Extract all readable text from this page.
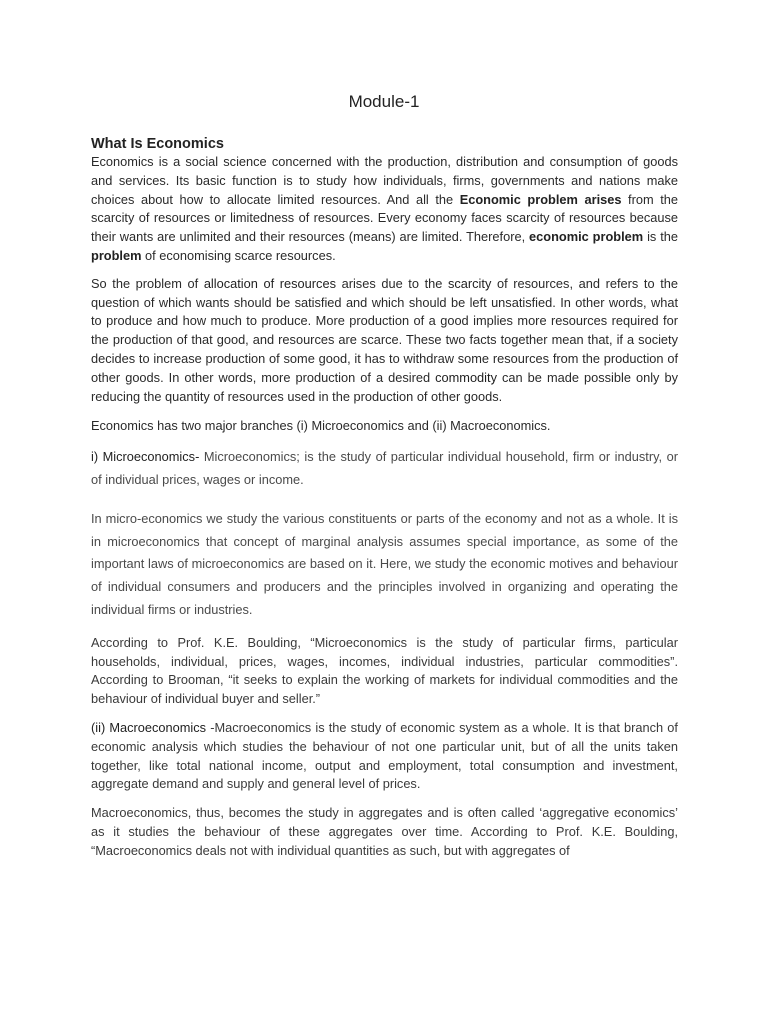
Module-1
What Is Economics

Economics is a social science concerned with the production, distribution and consumption of goods and services. Its basic function is to study how individuals, firms, governments and nations make choices about how to allocate limited resources. And all the Economic problem arises from the scarcity of resources or limitedness of resources. Every economy faces scarcity of resources because their wants are unlimited and their resources (means) are limited. Therefore, economic problem is the problem of economising scarce resources.

So the problem of allocation of resources arises due to the scarcity of resources, and refers to the question of which wants should be satisfied and which should be left unsatisfied. In other words, what to produce and how much to produce. More production of a good implies more resources required for the production of that good, and resources are scarce. These two facts together mean that, if a society decides to increase production of some good, it has to withdraw some resources from the production of other goods. In other words, more production of a desired commodity can be made possible only by reducing the quantity of resources used in the production of other goods.

Economics has two major branches (i) Microeconomics and (ii) Macroeconomics.

i) Microeconomics- Microeconomics; is the study of particular individual household, firm or industry, or of individual prices, wages or income.

In micro-economics we study the various constituents or parts of the economy and not as a whole. It is in microeconomics that concept of marginal analysis assumes special importance, as some of the important laws of microeconomics are based on it. Here, we study the economic motives and behaviour of individual consumers and producers and the principles involved in organizing and operating the individual firms or industries.

According to Prof. K.E. Boulding, “Microeconomics is the study of particular firms, particular households, individual, prices, wages, incomes, individual industries, particular commodities”. According to Brooman, “it seeks to explain the working of markets for individual commodities and the behaviour of individual buyer and seller.”

(ii) Macroeconomics -Macroeconomics is the study of economic system as a whole. It is that branch of economic analysis which studies the behaviour of not one particular unit, but of all the units taken together, like total national income, output and employment, total consumption and investment, aggregate demand and supply and general level of prices.

Macroeconomics, thus, becomes the study in aggregates and is often called ‘aggregative economics’ as it studies the behaviour of these aggregates over time. According to Prof. K.E. Boulding, “Macroeconomics deals not with individual quantities as such, but with aggregates of
